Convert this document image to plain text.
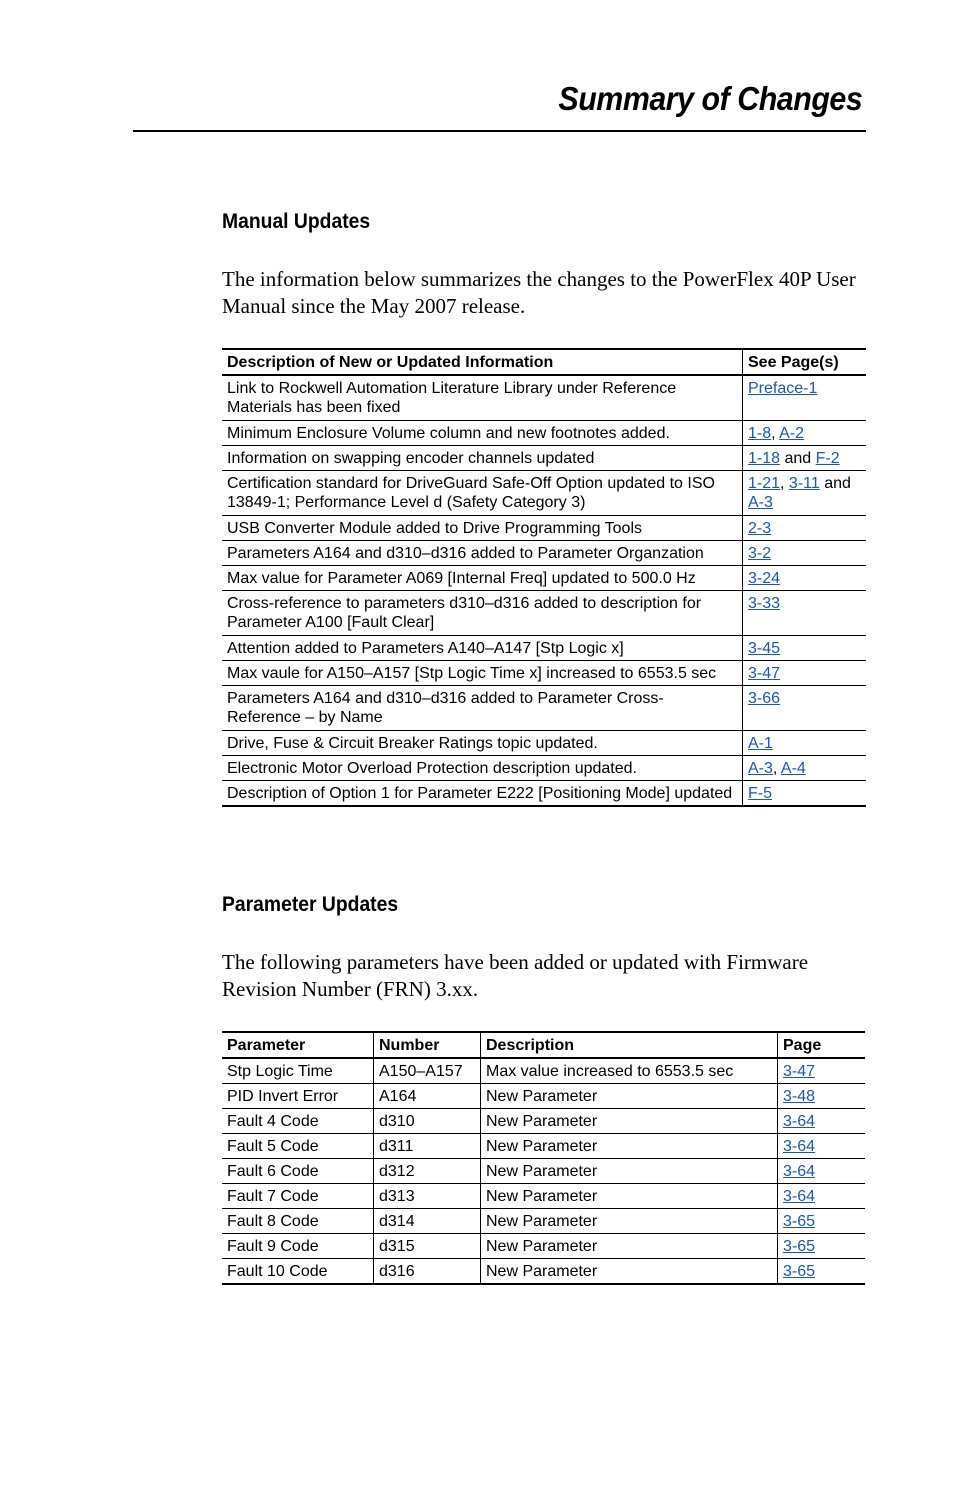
Summary of Changes
Manual Updates

The information below summarizes the changes to the PowerFlex 40P User Manual since the May 2007 release.

Description of New or Updated Information	See Page(s)
Link to Rockwell Automation Literature Library under Reference Materials has been fixed	Preface-1
Minimum Enclosure Volume column and new footnotes added.	1-8, A-2
Information on swapping encoder channels updated	1-18 and F-2
Certification standard for DriveGuard Safe-Off Option updated to ISO 13849-1; Performance Level d (Safety Category 3)	1-21, 3-11 and A-3
USB Converter Module added to Drive Programming Tools	2-3
Parameters A164 and d310–d316 added to Parameter Organzation	3-2
Max value for Parameter A069 [Internal Freq] updated to 500.0 Hz	3-24
Cross-reference to parameters d310–d316 added to description for Parameter A100 [Fault Clear]	3-33
Attention added to Parameters A140–A147 [Stp Logic x]	3-45
Max vaule for A150–A157 [Stp Logic Time x] increased to 6553.5 sec	3-47
Parameters A164 and d310–d316 added to Parameter Cross-Reference – by Name	3-66
Drive, Fuse & Circuit Breaker Ratings topic updated.	A-1
Electronic Motor Overload Protection description updated.	A-3, A-4
Description of Option 1 for Parameter E222 [Positioning Mode] updated	F-5
Parameter Updates

The following parameters have been added or updated with Firmware Revision Number (FRN) 3.xx.

Parameter	Number	Description	Page
Stp Logic Time	A150–A157	Max value increased to 6553.5 sec	3-47
PID Invert Error	A164	New Parameter	3-48
Fault 4 Code	d310	New Parameter	3-64
Fault 5 Code	d311	New Parameter	3-64
Fault 6 Code	d312	New Parameter	3-64
Fault 7 Code	d313	New Parameter	3-64
Fault 8 Code	d314	New Parameter	3-65
Fault 9 Code	d315	New Parameter	3-65
Fault 10 Code	d316	New Parameter	3-65
